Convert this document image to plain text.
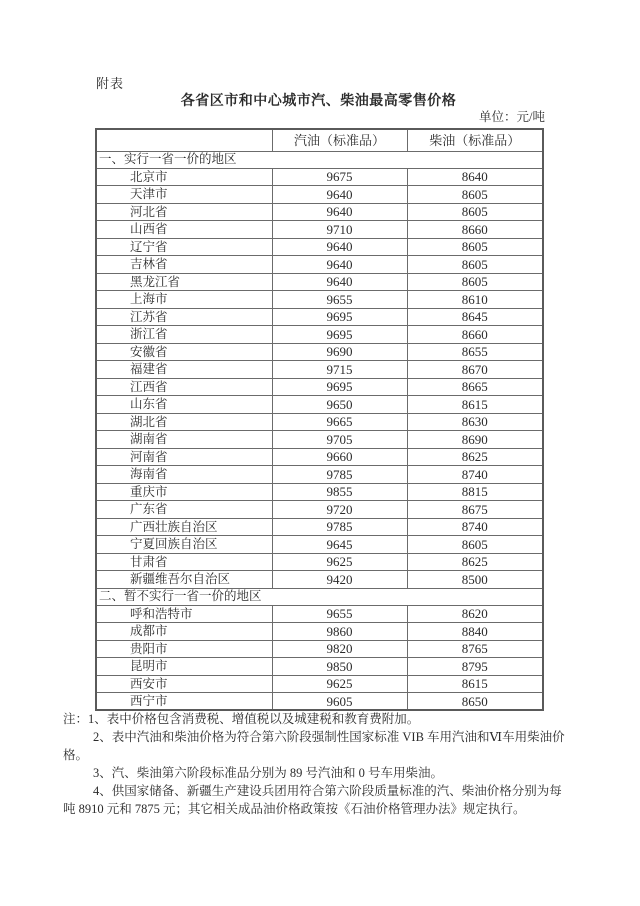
附表
各省区市和中心城市汽、柴油最高零售价格
单位：元/吨
	汽油（标准品）	柴油（标准品）
一、实行一省一价的地区		
北京市	9675	8640
天津市	9640	8605
河北省	9640	8605
山西省	9710	8660
辽宁省	9640	8605
吉林省	9640	8605
黑龙江省	9640	8605
上海市	9655	8610
江苏省	9695	8645
浙江省	9695	8660
安徽省	9690	8655
福建省	9715	8670
江西省	9695	8665
山东省	9650	8615
湖北省	9665	8630
湖南省	9705	8690
河南省	9660	8625
海南省	9785	8740
重庆市	9855	8815
广东省	9720	8675
广西壮族自治区	9785	8740
宁夏回族自治区	9645	8605
甘肃省	9625	8625
新疆维吾尔自治区	9420	8500
二、暂不实行一省一价的地区		
呼和浩特市	9655	8620
成都市	9860	8840
贵阳市	9820	8765
昆明市	9850	8795
西安市	9625	8615
西宁市	9605	8650
注：1、表中价格包含消费税、增值税以及城建税和教育费附加。
2、表中汽油和柴油价格为符合第六阶段强制性国家标准 VIB 车用汽油和Ⅵ车用柴油价
格。
3、汽、柴油第六阶段标准品分别为 89 号汽油和 0 号车用柴油。
4、供国家储备、新疆生产建设兵团用符合第六阶段质量标准的汽、柴油价格分别为每
吨 8910 元和 7875 元；其它相关成品油价格政策按《石油价格管理办法》规定执行。
